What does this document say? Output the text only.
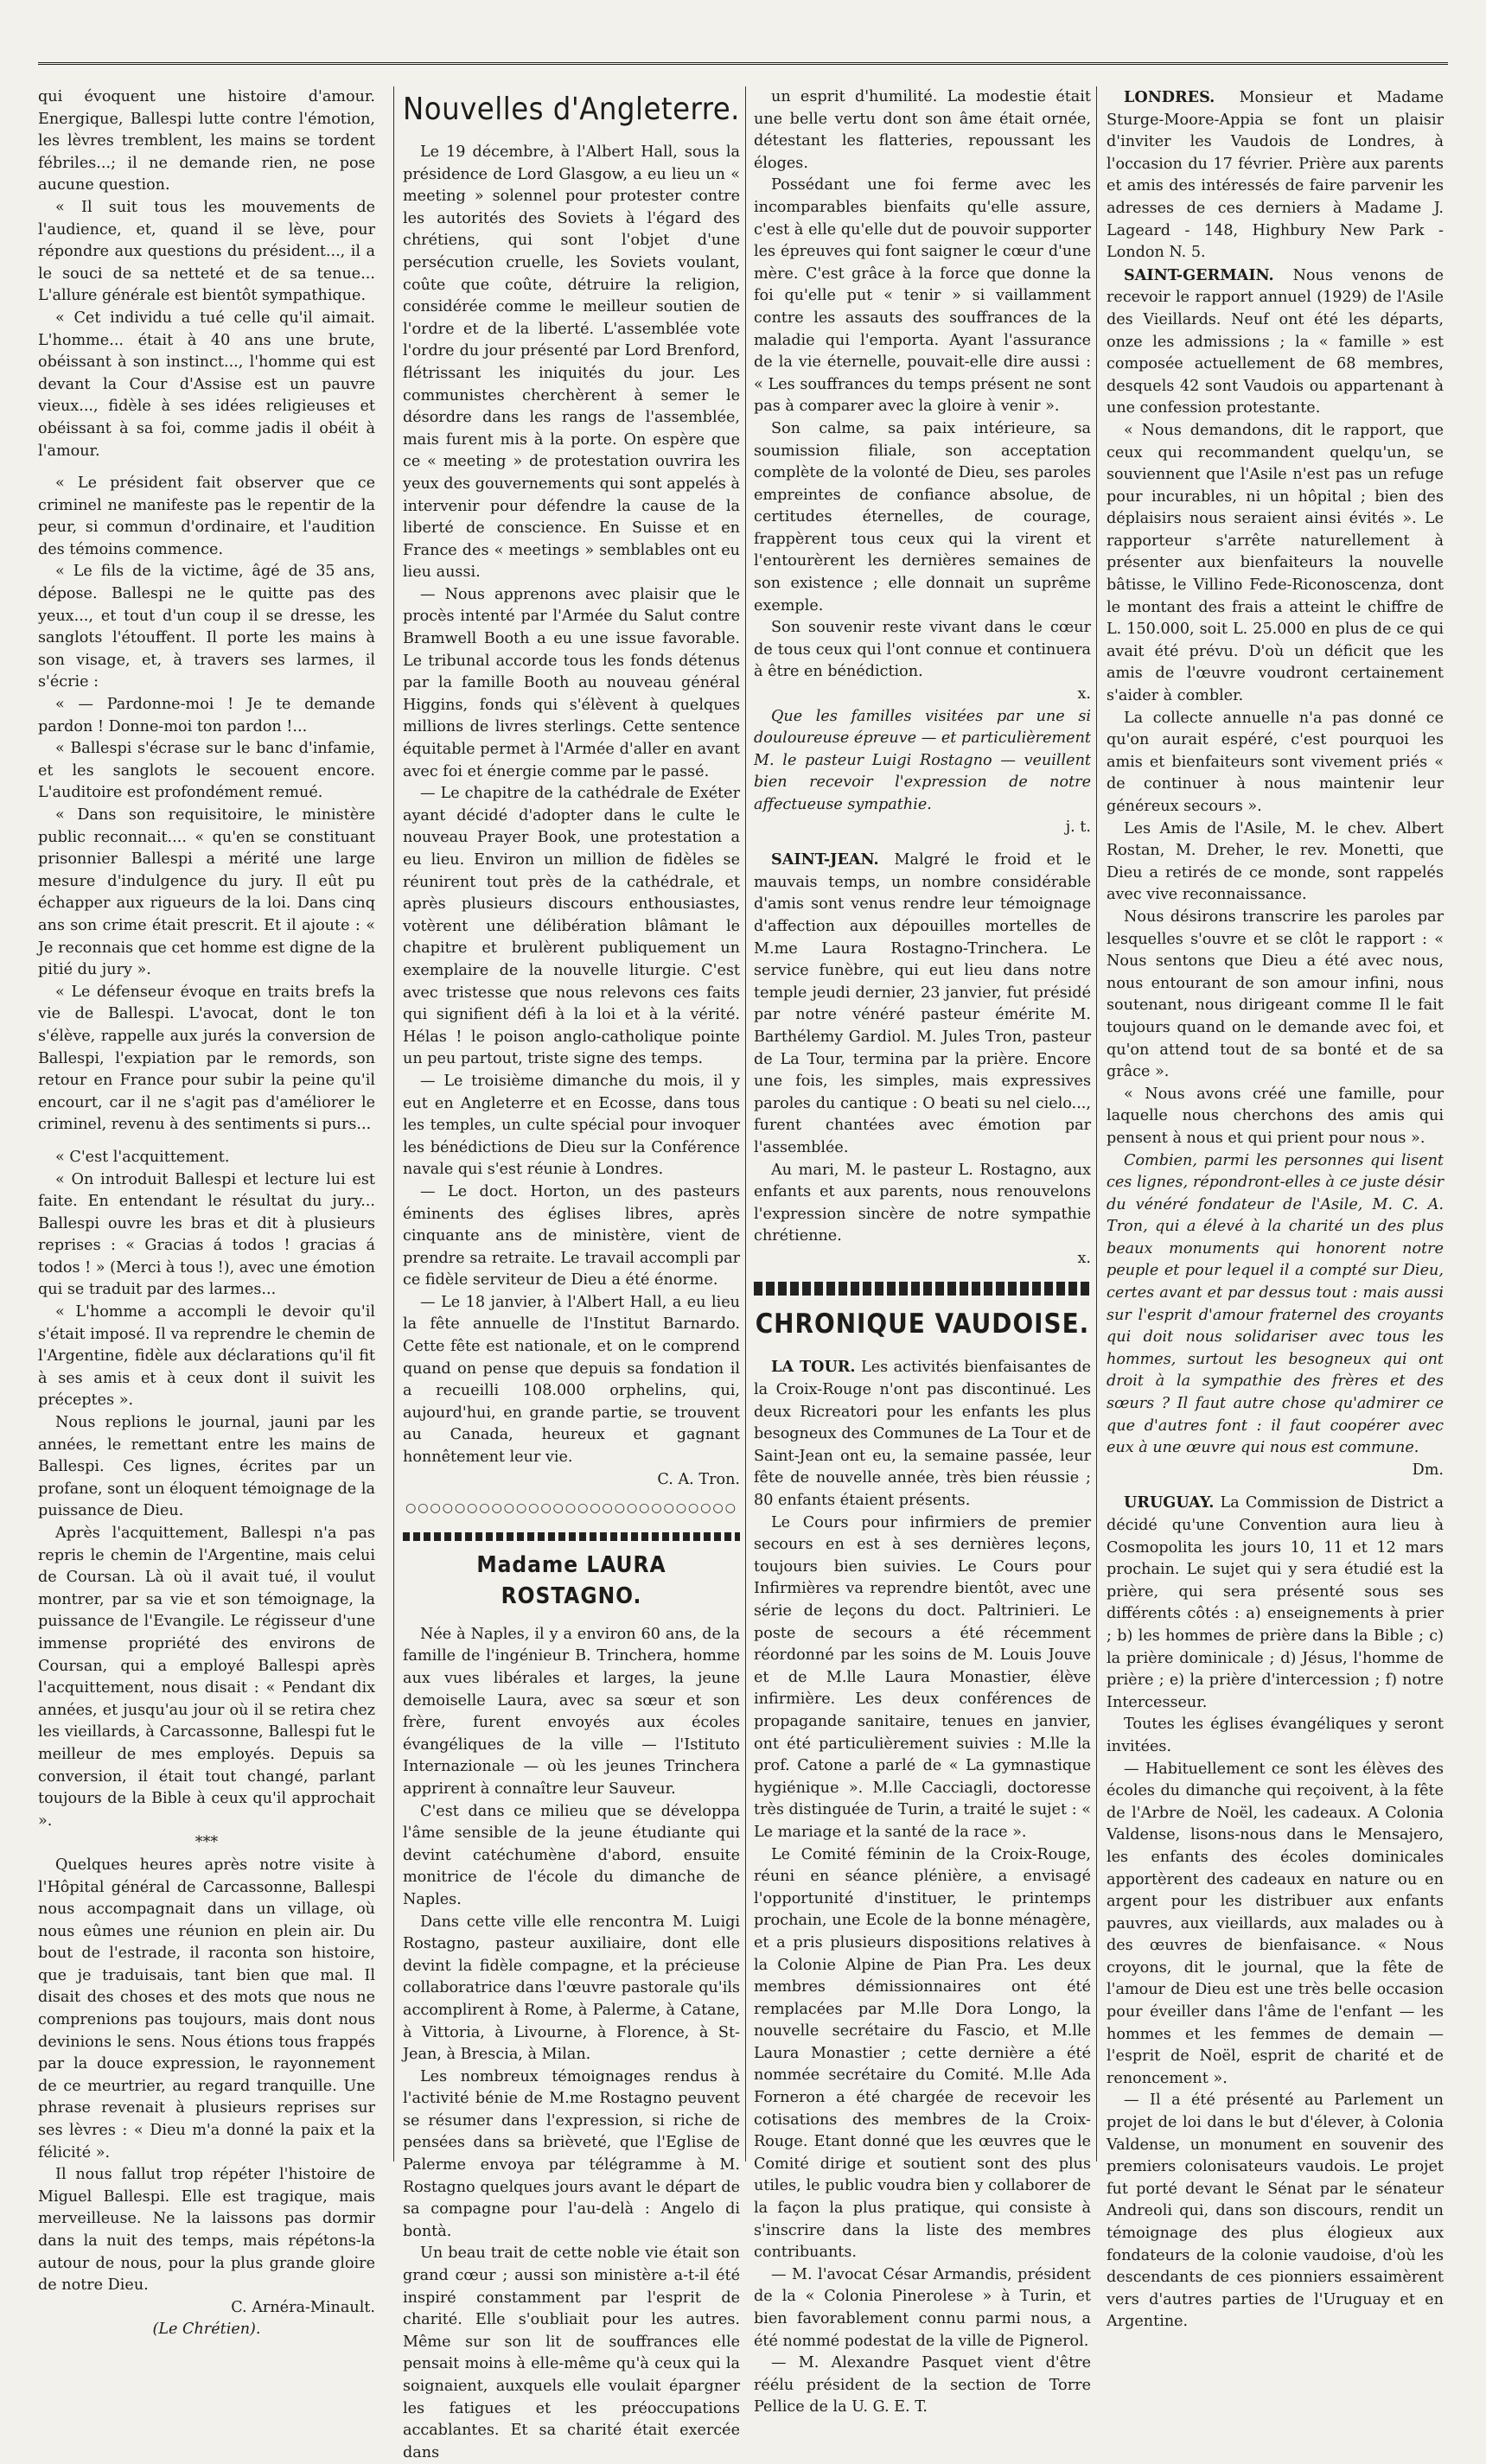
qui évoquent une histoire d'amour. Energique, Ballespi lutte contre l'émotion, les lèvres tremblent, les mains se tordent fébriles...; il ne demande rien, ne pose aucune question.

« Il suit tous les mouvements de l'audience, et, quand il se lève, pour répondre aux questions du président..., il a le souci de sa netteté et de sa tenue... L'allure générale est bientôt sympathique.

« Cet individu a tué celle qu'il aimait. L'homme... était à 40 ans une brute, obéissant à son instinct..., l'homme qui est devant la Cour d'Assise est un pauvre vieux..., fidèle à ses idées religieuses et obéissant à sa foi, comme jadis il obéit à l'amour.

« Le président fait observer que ce criminel ne manifeste pas le repentir de la peur, si commun d'ordinaire, et l'audition des témoins commence.

« Le fils de la victime, âgé de 35 ans, dépose. Ballespi ne le quitte pas des yeux..., et tout d'un coup il se dresse, les sanglots l'étouffent. Il porte les mains à son visage, et, à travers ses larmes, il s'écrie :

« — Pardonne-moi ! Je te demande pardon ! Donne-moi ton pardon !...

« Ballespi s'écrase sur le banc d'infamie, et les sanglots le secouent encore. L'auditoire est profondément remué.

« Dans son requisitoire, le ministère public reconnait.... « qu'en se constituant prisonnier Ballespi a mérité une large mesure d'indulgence du jury. Il eût pu échapper aux rigueurs de la loi. Dans cinq ans son crime était prescrit. Et il ajoute : « Je reconnais que cet homme est digne de la pitié du jury ».

« Le défenseur évoque en traits brefs la vie de Ballespi. L'avocat, dont le ton s'élève, rappelle aux jurés la conversion de Ballespi, l'expiation par le remords, son retour en France pour subir la peine qu'il encourt, car il ne s'agit pas d'améliorer le criminel, revenu à des sentiments si purs...

« C'est l'acquittement.

« On introduit Ballespi et lecture lui est faite. En entendant le résultat du jury... Ballespi ouvre les bras et dit à plusieurs reprises : « Gracias á todos ! gracias á todos ! » (Merci à tous !), avec une émotion qui se traduit par des larmes...

« L'homme a accompli le devoir qu'il s'était imposé. Il va reprendre le chemin de l'Argentine, fidèle aux déclarations qu'il fit à ses amis et à ceux dont il suivit les préceptes ».

Nous replions le journal, jauni par les années, le remettant entre les mains de Ballespi. Ces lignes, écrites par un profane, sont un éloquent témoignage de la puissance de Dieu.

Après l'acquittement, Ballespi n'a pas repris le chemin de l'Argentine, mais celui de Coursan. Là où il avait tué, il voulut montrer, par sa vie et son témoignage, la puissance de l'Evangile. Le régisseur d'une immense propriété des environs de Coursan, qui a employé Ballespi après l'acquittement, nous disait : « Pendant dix années, et jusqu'au jour où il se retira chez les vieillards, à Carcassonne, Ballespi fut le meilleur de mes employés. Depuis sa conversion, il était tout changé, parlant toujours de la Bible à ceux qu'il approchait ».

***

Quelques heures après notre visite à l'Hôpital général de Carcassonne, Ballespi nous accompagnait dans un village, où nous eûmes une réunion en plein air. Du bout de l'estrade, il raconta son histoire, que je traduisais, tant bien que mal. Il disait des choses et des mots que nous ne comprenions pas toujours, mais dont nous devinions le sens. Nous étions tous frappés par la douce expression, le rayonnement de ce meurtrier, au regard tranquille. Une phrase revenait à plusieurs reprises sur ses lèvres : « Dieu m'a donné la paix et la félicité ».

Il nous fallut trop répéter l'histoire de Miguel Ballespi. Elle est tragique, mais merveilleuse. Ne la laissons pas dormir dans la nuit des temps, mais répétons-la autour de nous, pour la plus grande gloire de notre Dieu.

C. Arnéra-Minault.

(Le Chrétien).

Nouvelles d'Angleterre.

Le 19 décembre, à l'Albert Hall, sous la présidence de Lord Glasgow, a eu lieu un « meeting » solennel pour protester contre les autorités des Soviets à l'égard des chrétiens, qui sont l'objet d'une persécution cruelle, les Soviets voulant, coûte que coûte, détruire la religion, considérée comme le meilleur soutien de l'ordre et de la liberté. L'assemblée vote l'ordre du jour présenté par Lord Brenford, flétrissant les iniquités du jour. Les communistes cherchèrent à semer le désordre dans les rangs de l'assemblée, mais furent mis à la porte. On espère que ce « meeting » de protestation ouvrira les yeux des gouvernements qui sont appelés à intervenir pour défendre la cause de la liberté de conscience. En Suisse et en France des « meetings » semblables ont eu lieu aussi.

— Nous apprenons avec plaisir que le procès intenté par l'Armée du Salut contre Bramwell Booth a eu une issue favorable. Le tribunal accorde tous les fonds détenus par la famille Booth au nouveau général Higgins, fonds qui s'élèvent à quelques millions de livres sterlings. Cette sentence équitable permet à l'Armée d'aller en avant avec foi et énergie comme par le passé.

— Le chapitre de la cathédrale de Exéter ayant décidé d'adopter dans le culte le nouveau Prayer Book, une protestation a eu lieu. Environ un million de fidèles se réunirent tout près de la cathédrale, et après plusieurs discours enthousiastes, votèrent une délibération blâmant le chapitre et brulèrent publiquement un exemplaire de la nouvelle liturgie. C'est avec tristesse que nous relevons ces faits qui signifient défi à la loi et à la vérité. Hélas ! le poison anglo-catholique pointe un peu partout, triste signe des temps.

— Le troisième dimanche du mois, il y eut en Angleterre et en Ecosse, dans tous les temples, un culte spécial pour invoquer les bénédictions de Dieu sur la Conférence navale qui s'est réunie à Londres.

— Le doct. Horton, un des pasteurs éminents des églises libres, après cinquante ans de ministère, vient de prendre sa retraite. Le travail accompli par ce fidèle serviteur de Dieu a été énorme.

— Le 18 janvier, à l'Albert Hall, a eu lieu la fête annuelle de l'Institut Barnardo. Cette fête est nationale, et on le comprend quand on pense que depuis sa fondation il a recueilli 108.000 orphelins, qui, aujourd'hui, en grande partie, se trouvent au Canada, heureux et gagnant honnêtement leur vie.

C. A. Tron.

○○○○○○○○○○○○○○○○○○○○○○○○○○○
Madame LAURA ROSTAGNO.

Née à Naples, il y a environ 60 ans, de la famille de l'ingénieur B. Trinchera, homme aux vues libérales et larges, la jeune demoiselle Laura, avec sa sœur et son frère, furent envoyés aux écoles évangéliques de la ville — l'Istituto Internazionale — où les jeunes Trinchera apprirent à connaître leur Sauveur.

C'est dans ce milieu que se développa l'âme sensible de la jeune étudiante qui devint catéchumène d'abord, ensuite monitrice de l'école du dimanche de Naples.

Dans cette ville elle rencontra M. Luigi Rostagno, pasteur auxiliaire, dont elle devint la fidèle compagne, et la précieuse collaboratrice dans l'œuvre pastorale qu'ils accomplirent à Rome, à Palerme, à Catane, à Vittoria, à Livourne, à Florence, à St-Jean, à Brescia, à Milan.

Les nombreux témoignages rendus à l'activité bénie de M.me Rostagno peuvent se résumer dans l'expression, si riche de pensées dans sa brièveté, que l'Eglise de Palerme envoya par télégramme à M. Rostagno quelques jours avant le départ de sa compagne pour l'au-delà : Angelo di bontà.

Un beau trait de cette noble vie était son grand cœur ; aussi son ministère a-t-il été inspiré constamment par l'esprit de charité. Elle s'oubliait pour les autres. Même sur son lit de souffrances elle pensait moins à elle-même qu'à ceux qui la soignaient, auxquels elle voulait épargner les fatigues et les préoccupations accablantes. Et sa charité était exercée dans

un esprit d'humilité. La modestie était une belle vertu dont son âme était ornée, détestant les flatteries, repoussant les éloges.

Possédant une foi ferme avec les incomparables bienfaits qu'elle assure, c'est à elle qu'elle dut de pouvoir supporter les épreuves qui font saigner le cœur d'une mère. C'est grâce à la force que donne la foi qu'elle put « tenir » si vaillamment contre les assauts des souffrances de la maladie qui l'emporta. Ayant l'assurance de la vie éternelle, pouvait-elle dire aussi : « Les souffrances du temps présent ne sont pas à comparer avec la gloire à venir ».

Son calme, sa paix intérieure, sa soumission filiale, son acceptation complète de la volonté de Dieu, ses paroles empreintes de confiance absolue, de certitudes éternelles, de courage, frappèrent tous ceux qui la virent et l'entourèrent les dernières semaines de son existence ; elle donnait un suprême exemple.

Son souvenir reste vivant dans le cœur de tous ceux qui l'ont connue et continuera à être en bénédiction.

x.

Que les familles visitées par une si douloureuse épreuve — et particulièrement M. le pasteur Luigi Rostagno — veuillent bien recevoir l'expression de notre affectueuse sympathie.

j. t.

SAINT-JEAN. Malgré le froid et le mauvais temps, un nombre considérable d'amis sont venus rendre leur témoignage d'affection aux dépouilles mortelles de M.me Laura Rostagno-Trinchera. Le service funèbre, qui eut lieu dans notre temple jeudi dernier, 23 janvier, fut présidé par notre vénéré pasteur émérite M. Barthélemy Gardiol. M. Jules Tron, pasteur de La Tour, termina par la prière. Encore une fois, les simples, mais expressives paroles du cantique : O beati su nel cielo..., furent chantées avec émotion par l'assemblée.

Au mari, M. le pasteur L. Rostagno, aux enfants et aux parents, nous renouvelons l'expression sincère de notre sympathie chrétienne.

x.

CHRONIQUE VAUDOISE.

LA TOUR. Les activités bienfaisantes de la Croix-Rouge n'ont pas discontinué. Les deux Ricreatori pour les enfants les plus besogneux des Communes de La Tour et de Saint-Jean ont eu, la semaine passée, leur fête de nouvelle année, très bien réussie ; 80 enfants étaient présents.

Le Cours pour infirmiers de premier secours en est à ses dernières leçons, toujours bien suivies. Le Cours pour Infirmières va reprendre bientôt, avec une série de leçons du doct. Paltrinieri. Le poste de secours a été récemment réordonné par les soins de M. Louis Jouve et de M.lle Laura Monastier, élève infirmière. Les deux conférences de propagande sanitaire, tenues en janvier, ont été particulièrement suivies : M.lle la prof. Catone a parlé de « La gymnastique hygiénique ». M.lle Cacciagli, doctoresse très distinguée de Turin, a traité le sujet : « Le mariage et la santé de la race ».

Le Comité féminin de la Croix-Rouge, réuni en séance plénière, a envisagé l'opportunité d'instituer, le printemps prochain, une Ecole de la bonne ménagère, et a pris plusieurs dispositions relatives à la Colonie Alpine de Pian Pra. Les deux membres démissionnaires ont été remplacées par M.lle Dora Longo, la nouvelle secrétaire du Fascio, et M.lle Laura Monastier ; cette dernière a été nommée secrétaire du Comité. M.lle Ada Forneron a été chargée de recevoir les cotisations des membres de la Croix-Rouge. Etant donné que les œuvres que le Comité dirige et soutient sont des plus utiles, le public voudra bien y collaborer de la façon la plus pratique, qui consiste à s'inscrire dans la liste des membres contribuants.

— M. l'avocat César Armandis, président de la « Colonia Pinerolese » à Turin, et bien favorablement connu parmi nous, a été nommé podestat de la ville de Pignerol.

— M. Alexandre Pasquet vient d'être réélu président de la section de Torre Pellice de la U. G. E. T.

LONDRES. Monsieur et Madame Sturge-Moore-Appia se font un plaisir d'inviter les Vaudois de Londres, à l'occasion du 17 février. Prière aux parents et amis des intéressés de faire parvenir les adresses de ces derniers à Madame J. Lageard - 148, Highbury New Park - London N. 5.

SAINT-GERMAIN. Nous venons de recevoir le rapport annuel (1929) de l'Asile des Vieillards. Neuf ont été les départs, onze les admissions ; la « famille » est composée actuellement de 68 membres, desquels 42 sont Vaudois ou appartenant à une confession protestante.

« Nous demandons, dit le rapport, que ceux qui recommandent quelqu'un, se souviennent que l'Asile n'est pas un refuge pour incurables, ni un hôpital ; bien des déplaisirs nous seraient ainsi évités ». Le rapporteur s'arrête naturellement à présenter aux bienfaiteurs la nouvelle bâtisse, le Villino Fede-Riconoscenza, dont le montant des frais a atteint le chiffre de L. 150.000, soit L. 25.000 en plus de ce qui avait été prévu. D'où un déficit que les amis de l'œuvre voudront certainement s'aider à combler.

La collecte annuelle n'a pas donné ce qu'on aurait espéré, c'est pourquoi les amis et bienfaiteurs sont vivement priés « de continuer à nous maintenir leur généreux secours ».

Les Amis de l'Asile, M. le chev. Albert Rostan, M. Dreher, le rev. Monetti, que Dieu a retirés de ce monde, sont rappelés avec vive reconnaissance.

Nous désirons transcrire les paroles par lesquelles s'ouvre et se clôt le rapport : « Nous sentons que Dieu a été avec nous, nous entourant de son amour infini, nous soutenant, nous dirigeant comme Il le fait toujours quand on le demande avec foi, et qu'on attend tout de sa bonté et de sa grâce ».

« Nous avons créé une famille, pour laquelle nous cherchons des amis qui pensent à nous et qui prient pour nous ».

Combien, parmi les personnes qui lisent ces lignes, répondront-elles à ce juste désir du vénéré fondateur de l'Asile, M. C. A. Tron, qui a élevé à la charité un des plus beaux monuments qui honorent notre peuple et pour lequel il a compté sur Dieu, certes avant et par dessus tout : mais aussi sur l'esprit d'amour fraternel des croyants qui doit nous solidariser avec tous les hommes, surtout les besogneux qui ont droit à la sympathie des frères et des sœurs ? Il faut autre chose qu'admirer ce que d'autres font : il faut coopérer avec eux à une œuvre qui nous est commune.

Dm.

URUGUAY. La Commission de District a décidé qu'une Convention aura lieu à Cosmopolita les jours 10, 11 et 12 mars prochain. Le sujet qui y sera étudié est la prière, qui sera présenté sous ses différents côtés : a) enseignements à prier ; b) les hommes de prière dans la Bible ; c) la prière dominicale ; d) Jésus, l'homme de prière ; e) la prière d'intercession ; f) notre Intercesseur.

Toutes les églises évangéliques y seront invitées.

— Habituellement ce sont les élèves des écoles du dimanche qui reçoivent, à la fête de l'Arbre de Noël, les cadeaux. A Colonia Valdense, lisons-nous dans le Mensajero, les enfants des écoles dominicales apportèrent des cadeaux en nature ou en argent pour les distribuer aux enfants pauvres, aux vieillards, aux malades ou à des œuvres de bienfaisance. « Nous croyons, dit le journal, que la fête de l'amour de Dieu est une très belle occasion pour éveiller dans l'âme de l'enfant — les hommes et les femmes de demain — l'esprit de Noël, esprit de charité et de renoncement ».

— Il a été présenté au Parlement un projet de loi dans le but d'élever, à Colonia Valdense, un monument en souvenir des premiers colonisateurs vaudois. Le projet fut porté devant le Sénat par le sénateur Andreoli qui, dans son discours, rendit un témoignage des plus élogieux aux fondateurs de la colonie vaudoise, d'où les descendants de ces pionniers essaimèrent vers d'autres parties de l'Uruguay et en Argentine.
